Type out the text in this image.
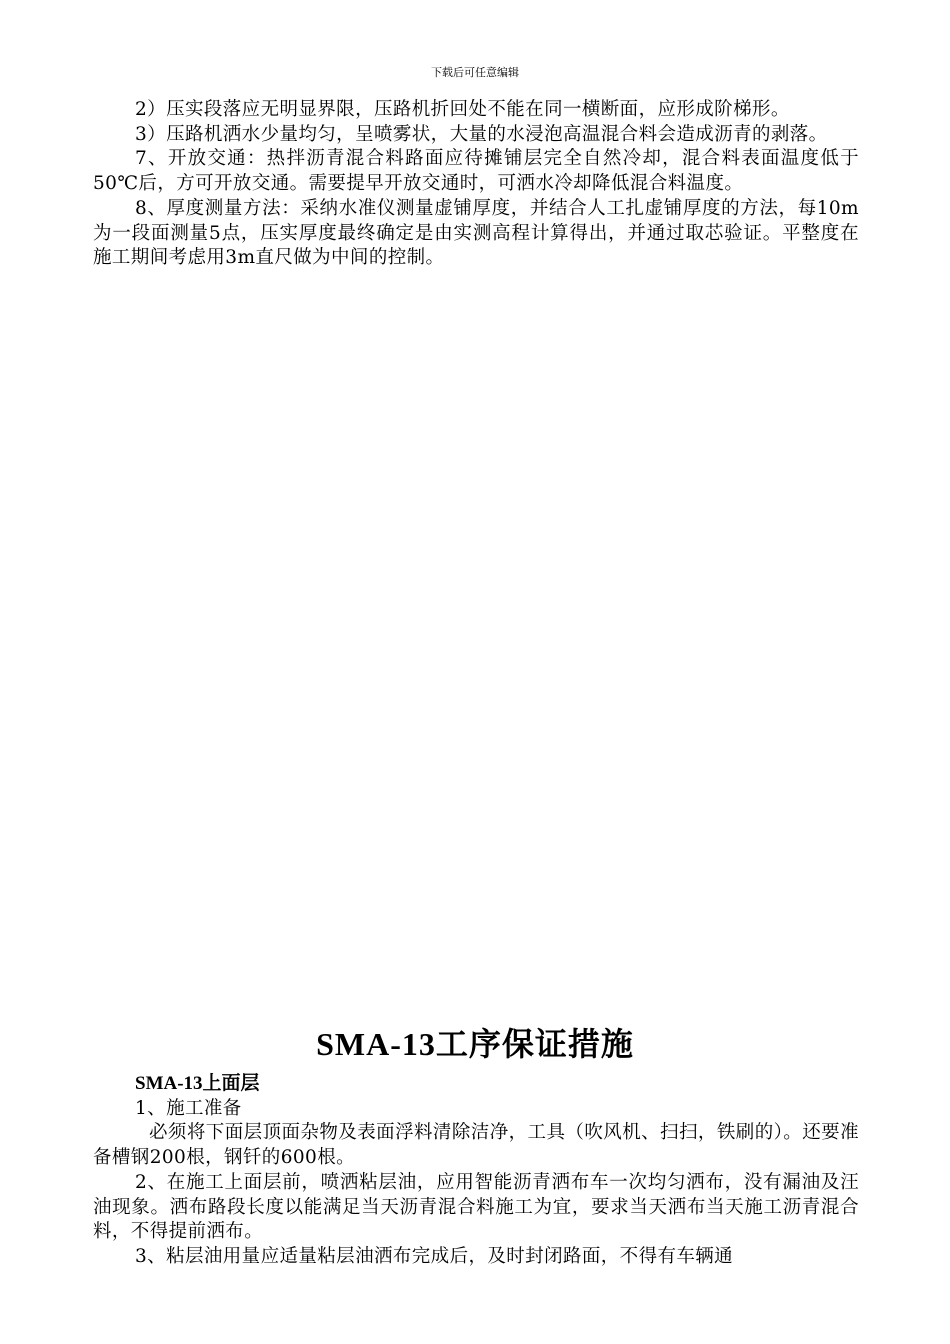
下载后可任意编辑

2）压实段落应无明显界限，压路机折回处不能在同一横断面，应形成阶梯形。

3）压路机洒水少量均匀，呈喷雾状，大量的水浸泡高温混合料会造成沥青的剥落。

7、开放交通：热拌沥青混合料路面应待摊铺层完全自然冷却，混合料表面温度低于50℃后，方可开放交通。需要提早开放交通时，可洒水冷却降低混合料温度。

8、厚度测量方法：采纳水准仪测量虚铺厚度，并结合人工扎虚铺厚度的方法，每10m为一段面测量5点，压实厚度最终确定是由实测高程计算得出，并通过取芯验证。平整度在施工期间考虑用3m直尺做为中间的控制。

SMA-13工序保证措施

SMA-13上面层

1、施工准备

必须将下面层顶面杂物及表面浮料清除洁净，工具（吹风机、扫扫，铁刷的）。还要准备槽钢200根，钢钎的600根。

2、在施工上面层前，喷洒粘层油，应用智能沥青洒布车一次均匀洒布，没有漏油及汪油现象。洒布路段长度以能满足当天沥青混合料施工为宜，要求当天洒布当天施工沥青混合料，不得提前洒布。

3、粘层油用量应适量粘层油洒布完成后，及时封闭路面，不得有车辆通
